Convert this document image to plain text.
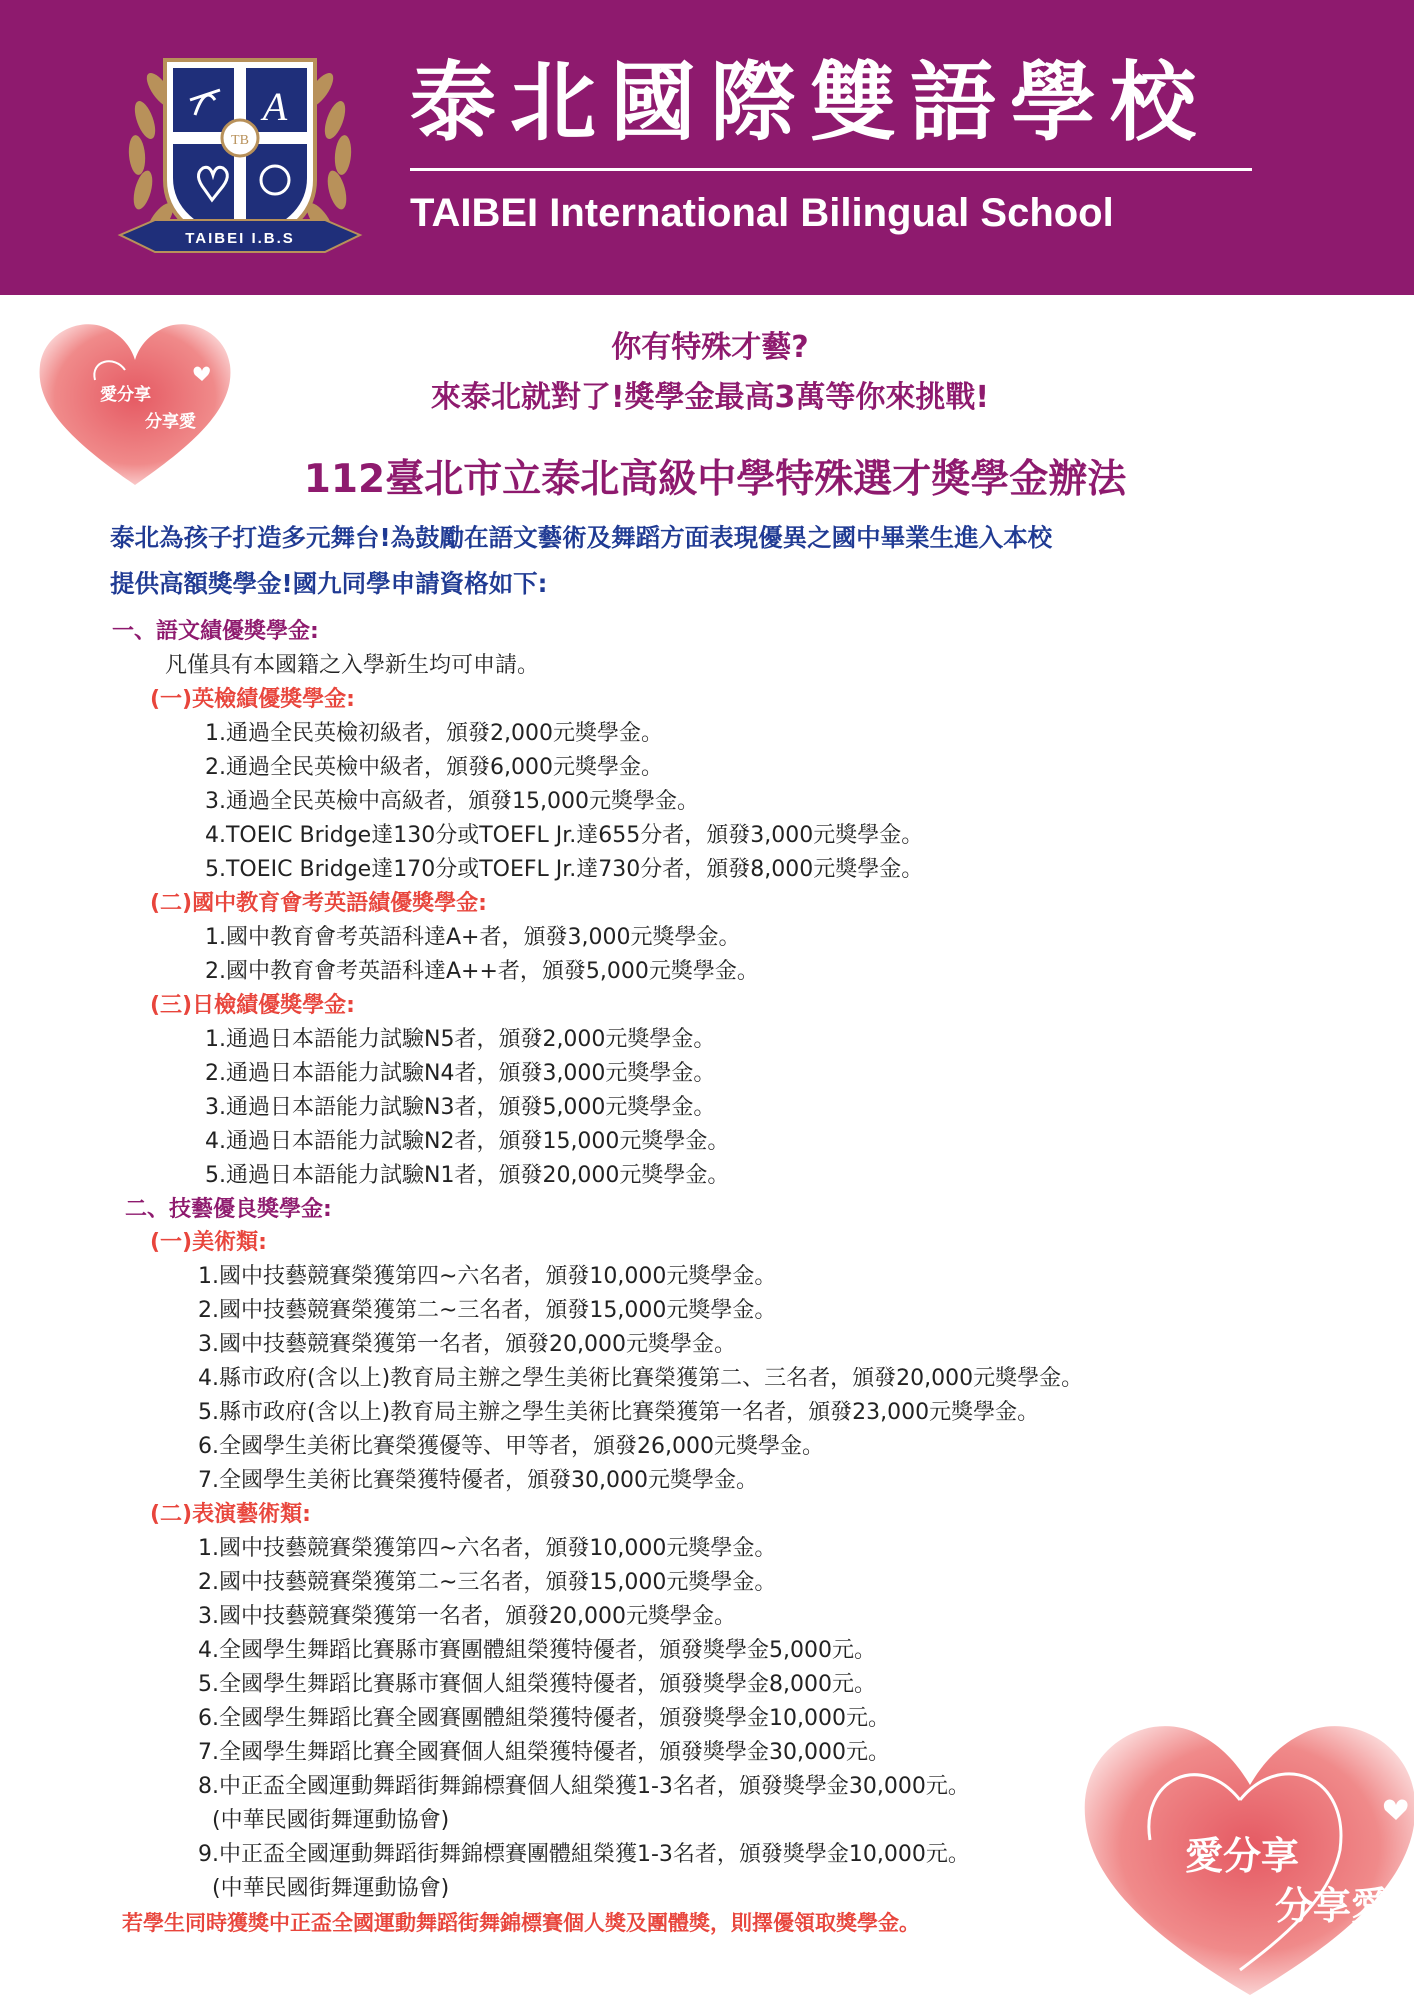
TB
A
TAIBEI I.B.S
泰北國際雙語學校
TAIBEI International Bilingual School
愛分享
分享愛
愛分享
分享愛
你有特殊才藝?
來泰北就對了!獎學金最高3萬等你來挑戰!
112臺北市立泰北高級中學特殊選才獎學金辦法
泰北為孩子打造多元舞台!為鼓勵在語文藝術及舞蹈方面表現優異之國中畢業生進入本校
提供高額獎學金!國九同學申請資格如下:
一、語文績優獎學金:
凡僅具有本國籍之入學新生均可申請。
(一)英檢績優獎學金:
1.通過全民英檢初級者，頒發2,000元獎學金。
2.通過全民英檢中級者，頒發6,000元獎學金。
3.通過全民英檢中高級者，頒發15,000元獎學金。
4.TOEIC Bridge達130分或TOEFL Jr.達655分者，頒發3,000元獎學金。
5.TOEIC Bridge達170分或TOEFL Jr.達730分者，頒發8,000元獎學金。
(二)國中教育會考英語績優獎學金:
1.國中教育會考英語科達A+者，頒發3,000元獎學金。
2.國中教育會考英語科達A++者，頒發5,000元獎學金。
(三)日檢績優獎學金:
1.通過日本語能力試驗N5者，頒發2,000元獎學金。
2.通過日本語能力試驗N4者，頒發3,000元獎學金。
3.通過日本語能力試驗N3者，頒發5,000元獎學金。
4.通過日本語能力試驗N2者，頒發15,000元獎學金。
5.通過日本語能力試驗N1者，頒發20,000元獎學金。
二、技藝優良獎學金:
(一)美術類:
1.國中技藝競賽榮獲第四~六名者，頒發10,000元獎學金。
2.國中技藝競賽榮獲第二~三名者，頒發15,000元獎學金。
3.國中技藝競賽榮獲第一名者，頒發20,000元獎學金。
4.縣市政府(含以上)教育局主辦之學生美術比賽榮獲第二、三名者，頒發20,000元獎學金。
5.縣市政府(含以上)教育局主辦之學生美術比賽榮獲第一名者，頒發23,000元獎學金。
6.全國學生美術比賽榮獲優等、甲等者，頒發26,000元獎學金。
7.全國學生美術比賽榮獲特優者，頒發30,000元獎學金。
(二)表演藝術類:
1.國中技藝競賽榮獲第四~六名者，頒發10,000元獎學金。
2.國中技藝競賽榮獲第二~三名者，頒發15,000元獎學金。
3.國中技藝競賽榮獲第一名者，頒發20,000元獎學金。
4.全國學生舞蹈比賽縣市賽團體組榮獲特優者，頒發獎學金5,000元。
5.全國學生舞蹈比賽縣市賽個人組榮獲特優者，頒發獎學金8,000元。
6.全國學生舞蹈比賽全國賽團體組榮獲特優者，頒發獎學金10,000元。
7.全國學生舞蹈比賽全國賽個人組榮獲特優者，頒發獎學金30,000元。
8.中正盃全國運動舞蹈街舞錦標賽個人組榮獲1-3名者，頒發獎學金30,000元。
(中華民國街舞運動協會)
9.中正盃全國運動舞蹈街舞錦標賽團體組榮獲1-3名者，頒發獎學金10,000元。
(中華民國街舞運動協會)
若學生同時獲獎中正盃全國運動舞蹈街舞錦標賽個人獎及團體獎，則擇優領取獎學金。
